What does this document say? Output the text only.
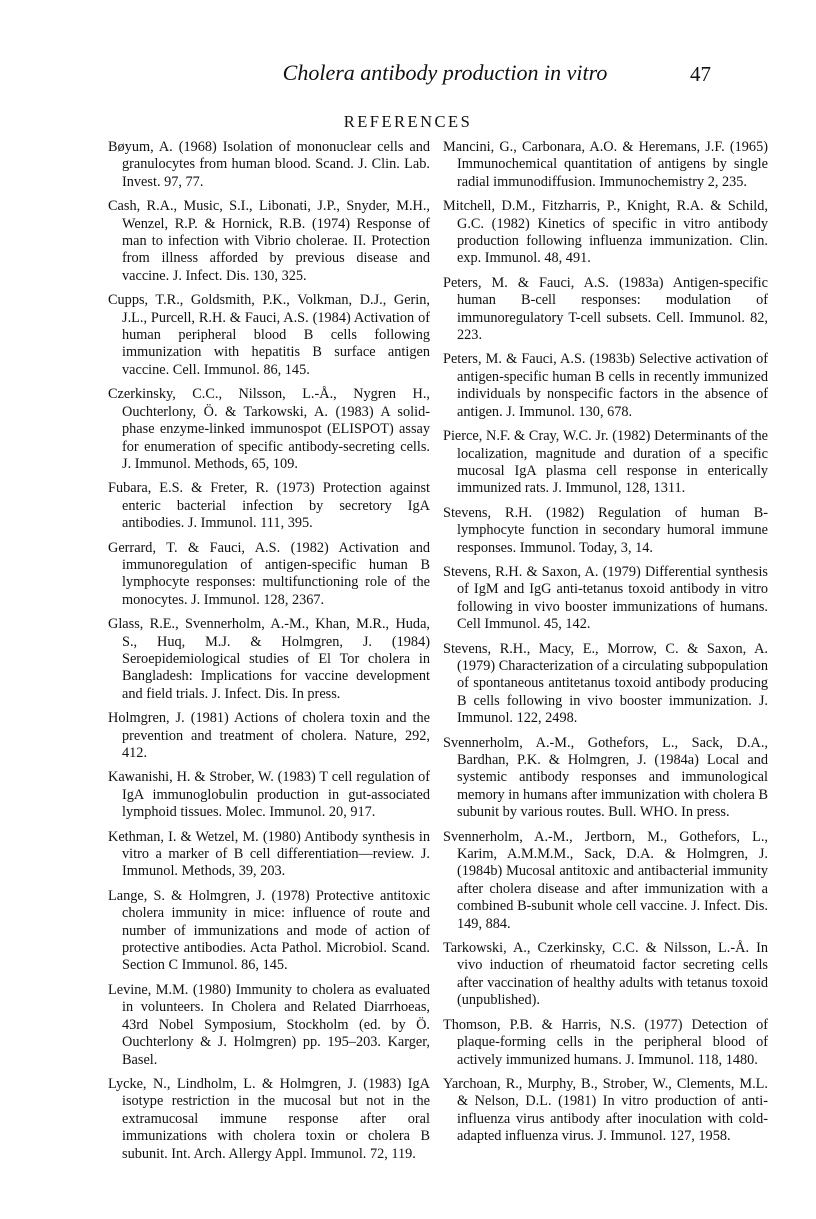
Cholera antibody production in vitro	47
REFERENCES

Bøyum, A. (1968) Isolation of mononuclear cells and granulocytes from human blood. Scand. J. Clin. Lab. Invest. 97, 77.

Cash, R.A., Music, S.I., Libonati, J.P., Snyder, M.H., Wenzel, R.P. & Hornick, R.B. (1974) Response of man to infection with Vibrio cholerae. II. Protection from illness afforded by previous disease and vaccine. J. Infect. Dis. 130, 325.

Cupps, T.R., Goldsmith, P.K., Volkman, D.J., Gerin, J.L., Purcell, R.H. & Fauci, A.S. (1984) Activation of human peripheral blood B cells following immunization with hepatitis B surface antigen vaccine. Cell. Immunol. 86, 145.

Czerkinsky, C.C., Nilsson, L.-Å., Nygren H., Ouchterlony, Ö. & Tarkowski, A. (1983) A solid-phase enzyme-linked immunospot (ELISPOT) assay for enumeration of specific antibody-secreting cells. J. Immunol. Methods, 65, 109.

Fubara, E.S. & Freter, R. (1973) Protection against enteric bacterial infection by secretory IgA antibodies. J. Immunol. 111, 395.

Gerrard, T. & Fauci, A.S. (1982) Activation and immunoregulation of antigen-specific human B lymphocyte responses: multifunctioning role of the monocytes. J. Immunol. 128, 2367.

Glass, R.E., Svennerholm, A.-M., Khan, M.R., Huda, S., Huq, M.J. & Holmgren, J. (1984) Seroepidemiological studies of El Tor cholera in Bangladesh: Implications for vaccine development and field trials. J. Infect. Dis. In press.

Holmgren, J. (1981) Actions of cholera toxin and the prevention and treatment of cholera. Nature, 292, 412.

Kawanishi, H. & Strober, W. (1983) T cell regulation of IgA immunoglobulin production in gut-associated lymphoid tissues. Molec. Immunol. 20, 917.

Kethman, I. & Wetzel, M. (1980) Antibody synthesis in vitro a marker of B cell differentiation—review. J. Immunol. Methods, 39, 203.

Lange, S. & Holmgren, J. (1978) Protective antitoxic cholera immunity in mice: influence of route and number of immunizations and mode of action of protective antibodies. Acta Pathol. Microbiol. Scand. Section C Immunol. 86, 145.

Levine, M.M. (1980) Immunity to cholera as evaluated in volunteers. In Cholera and Related Diarrhoeas, 43rd Nobel Symposium, Stockholm (ed. by Ö. Ouchterlony & J. Holmgren) pp. 195–203. Karger, Basel.

Lycke, N., Lindholm, L. & Holmgren, J. (1983) IgA isotype restriction in the mucosal but not in the extramucosal immune response after oral immunizations with cholera toxin or cholera B subunit. Int. Arch. Allergy Appl. Immunol. 72, 119.

Mancini, G., Carbonara, A.O. & Heremans, J.F. (1965) Immunochemical quantitation of antigens by single radial immunodiffusion. Immunochemistry 2, 235.

Mitchell, D.M., Fitzharris, P., Knight, R.A. & Schild, G.C. (1982) Kinetics of specific in vitro antibody production following influenza immunization. Clin. exp. Immunol. 48, 491.

Peters, M. & Fauci, A.S. (1983a) Antigen-specific human B-cell responses: modulation of immunoregulatory T-cell subsets. Cell. Immunol. 82, 223.

Peters, M. & Fauci, A.S. (1983b) Selective activation of antigen-specific human B cells in recently immunized individuals by nonspecific factors in the absence of antigen. J. Immunol. 130, 678.

Pierce, N.F. & Cray, W.C. Jr. (1982) Determinants of the localization, magnitude and duration of a specific mucosal IgA plasma cell response in enterically immunized rats. J. Immunol, 128, 1311.

Stevens, R.H. (1982) Regulation of human B-lymphocyte function in secondary humoral immune responses. Immunol. Today, 3, 14.

Stevens, R.H. & Saxon, A. (1979) Differential synthesis of IgM and IgG anti-tetanus toxoid antibody in vitro following in vivo booster immunizations of humans. Cell Immunol. 45, 142.

Stevens, R.H., Macy, E., Morrow, C. & Saxon, A. (1979) Characterization of a circulating subpopulation of spontaneous antitetanus toxoid antibody producing B cells following in vivo booster immunization. J. Immunol. 122, 2498.

Svennerholm, A.-M., Gothefors, L., Sack, D.A., Bardhan, P.K. & Holmgren, J. (1984a) Local and systemic antibody responses and immunological memory in humans after immunization with cholera B subunit by various routes. Bull. WHO. In press.

Svennerholm, A.-M., Jertborn, M., Gothefors, L., Karim, A.M.M.M., Sack, D.A. & Holmgren, J. (1984b) Mucosal antitoxic and antibacterial immunity after cholera disease and after immunization with a combined B-subunit whole cell vaccine. J. Infect. Dis. 149, 884.

Tarkowski, A., Czerkinsky, C.C. & Nilsson, L.-Å. In vivo induction of rheumatoid factor secreting cells after vaccination of healthy adults with tetanus toxoid (unpublished).

Thomson, P.B. & Harris, N.S. (1977) Detection of plaque-forming cells in the peripheral blood of actively immunized humans. J. Immunol. 118, 1480.

Yarchoan, R., Murphy, B., Strober, W., Clements, M.L. & Nelson, D.L. (1981) In vitro production of anti-influenza virus antibody after inoculation with cold-adapted influenza virus. J. Immunol. 127, 1958.
